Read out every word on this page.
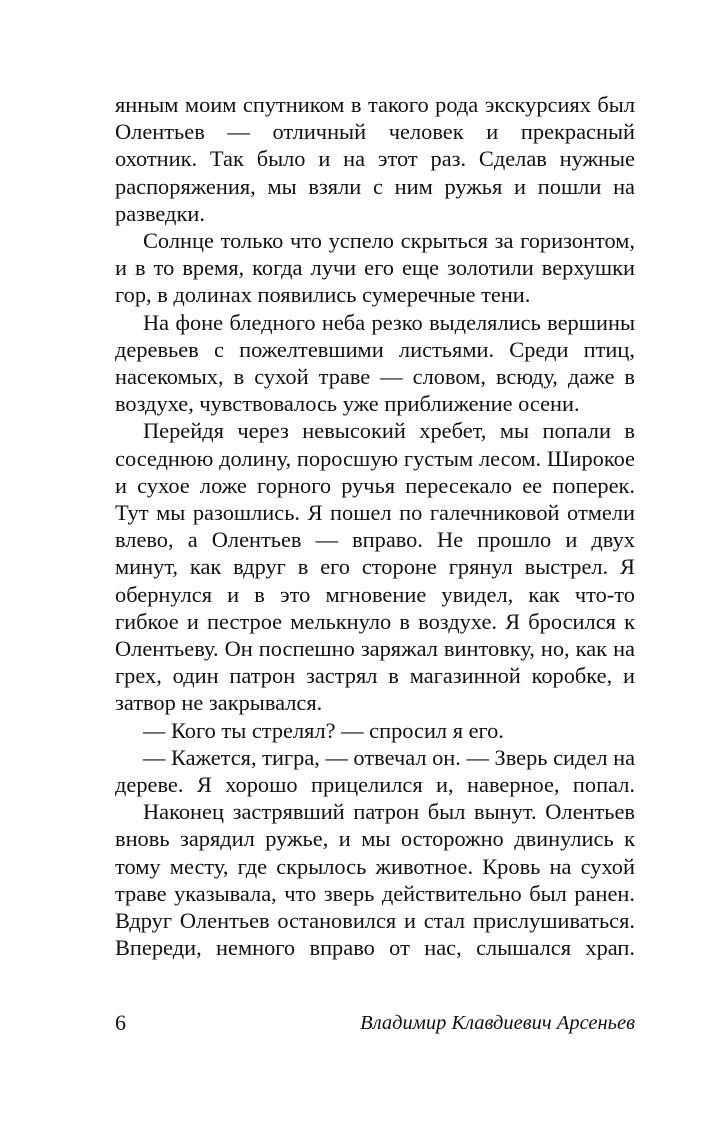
янным моим спутником в такого рода экскурсиях был Олентьев — отличный человек и прекрасный охотник. Так было и на этот раз. Сделав нужные распоряжения, мы взяли с ним ружья и пошли на разведки.

Солнце только что успело скрыться за горизонтом, и в то время, когда лучи его еще золотили верхушки гор, в долинах появились сумеречные тени.

На фоне бледного неба резко выделялись вершины деревьев с пожелтевшими листьями. Среди птиц, насекомых, в сухой траве — словом, всюду, даже в воздухе, чувствовалось уже приближение осени.

Перейдя через невысокий хребет, мы попали в соседнюю долину, поросшую густым лесом. Широкое и сухое ложе горного ручья пересекало ее поперек. Тут мы разошлись. Я пошел по галечниковой отмели влево, а Олентьев — вправо. Не прошло и двух минут, как вдруг в его стороне грянул выстрел. Я обернулся и в это мгновение увидел, как что-то гибкое и пестрое мелькнуло в воздухе. Я бросился к Олентьеву. Он поспешно заряжал винтовку, но, как на грех, один патрон застрял в магазинной коробке, и затвор не закрывался.

— Кого ты стрелял? — спросил я его.

— Кажется, тигра, — отвечал он. — Зверь сидел на дереве. Я хорошо прицелился и, наверное, попал.

Наконец застрявший патрон был вынут. Олентьев вновь зарядил ружье, и мы осторожно двинулись к тому месту, где скрылось животное. Кровь на сухой траве указывала, что зверь действительно был ранен. Вдруг Олентьев остановился и стал прислушиваться. Впереди, немного вправо от нас, слышался храп.

6	Владимир Клавдиевич Арсеньев
